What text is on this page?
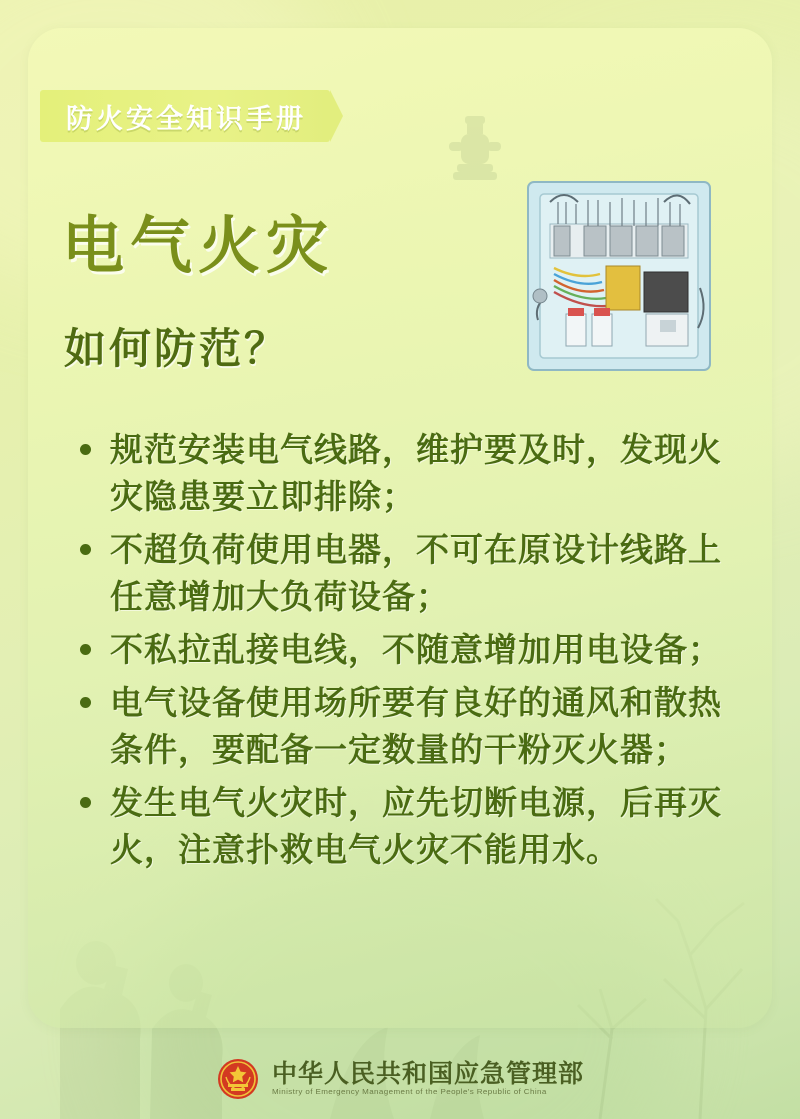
防火安全知识手册
电气火灾
如何防范？
规范安装电气线路，维护要及时，发现火灾隐患要立即排除；
不超负荷使用电器，不可在原设计线路上任意增加大负荷设备；
不私拉乱接电线，不随意增加用电设备；
电气设备使用场所要有良好的通风和散热条件，要配备一定数量的干粉灭火器；
发生电气火灾时，应先切断电源，后再灭火，注意扑救电气火灾不能用水。
中华人民共和国应急管理部
Ministry of Emergency Management of the People's Republic of China
